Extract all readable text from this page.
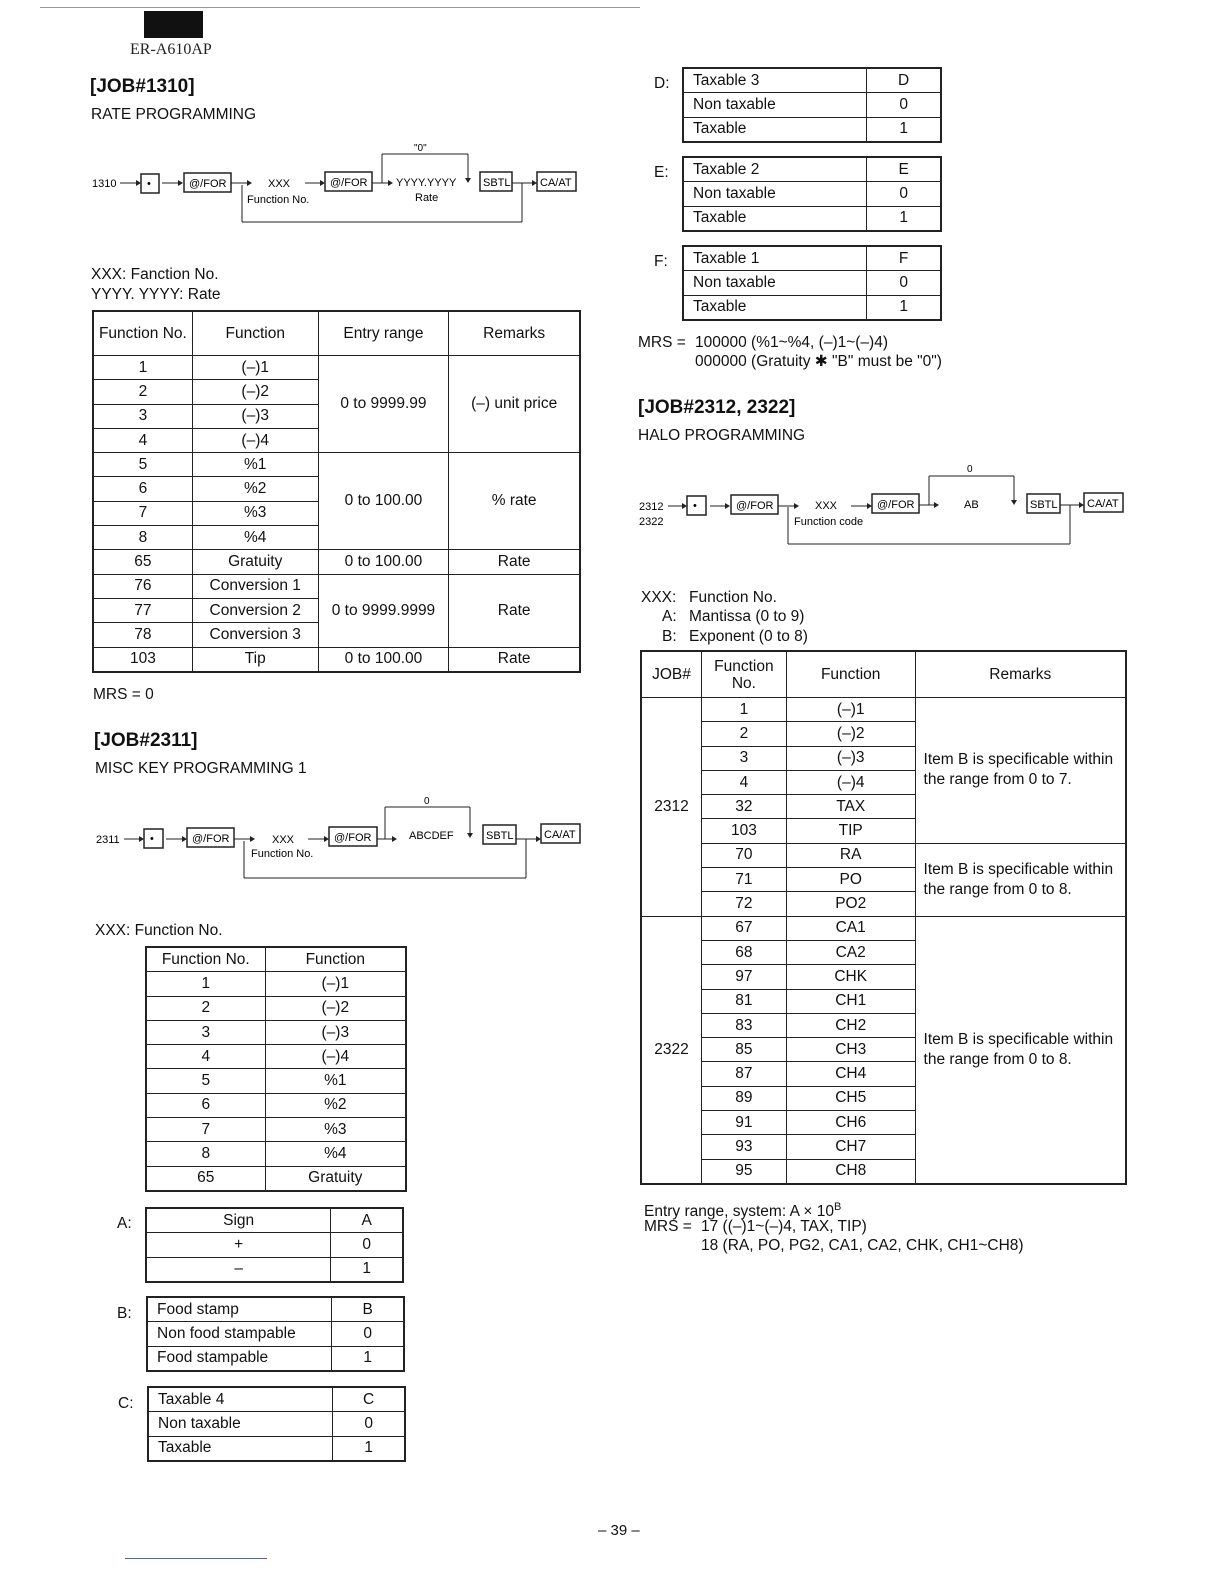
ER-A610AP
[JOB#1310]
RATE PROGRAMMING
1310	•	@/FOR	XXX
Function No.
@/FOR
"0"
YYYY.YYYY
Rate
SBTL	CA/AT
XXX: Fanction No.
YYYY. YYYY: Rate
Function No.	Function	Entry range	Remarks
1	(–)1	0 to 9999.99	(–) unit price
2	(–)2		
3	(–)3		
4	(–)4		
5	%1	0 to 100.00	% rate
6	%2		
7	%3		
8	%4		
65	Gratuity	0 to 100.00	Rate
76	Conversion 1	0 to 9999.9999	Rate
77	Conversion 2		
78	Conversion 3		
103	Tip	0 to 100.00	Rate
MRS = 0
[JOB#2311]
MISC KEY PROGRAMMING 1
2311	•	@/FOR	XXX
Function No.
@/FOR
0
ABCDEF	SBTL	CA/AT
XXX: Function No.
Function No.	Function
1	(–)1
2	(–)2
3	(–)3
4	(–)4
5	%1
6	%2
7	%3
8	%4
65	Gratuity
A:	Sign	A
+	0
–	1
B: Food stamp	B
Non food stampable	0
Food stampable	1
C: Taxable 4	C
Non taxable	0
Taxable	1
D: Taxable 3	D
Non taxable	0
Taxable	1
E: Taxable 2	E
Non taxable	0
Taxable	1
F: Taxable 1	F
Non taxable	0
Taxable	1
MRS = 100000 (%1~%4, (–)1~(–)4)
000000 (Gratuity ✱ "B" must be "0")
[JOB#2312, 2322]
HALO PROGRAMMING
2312
2322
•	@/FOR	XXX
Function code
@/FOR
0
AB	SBTL	CA/AT
XXX: Function No.
A: Mantissa (0 to 9)
B: Exponent (0 to 8)
JOB#	Function No.	Function	Remarks
2312	1	(–)1	Item B is specificable within the range from 0 to 7.
	2	(–)2	
	3	(–)3	
	4	(–)4	
	32	TAX	
	103	TIP	
	70	RA	Item B is specificable within the range from 0 to 8.
	71	PO	
	72	PO2	
2322	67	CA1	Item B is specificable within the range from 0 to 8.
	68	CA2	
	97	CHK	
	81	CH1	
	83	CH2	
	85	CH3	
	87	CH4	
	89	CH5	
	91	CH6	
	93	CH7	
	95	CH8	
Entry range, system: $A \times 10^B$
MRS = 17 ((–)1~(–)4, TAX, TIP)
18 (RA, PO, PG2, CA1, CA2, CHK, CH1~CH8)
– 39 –
